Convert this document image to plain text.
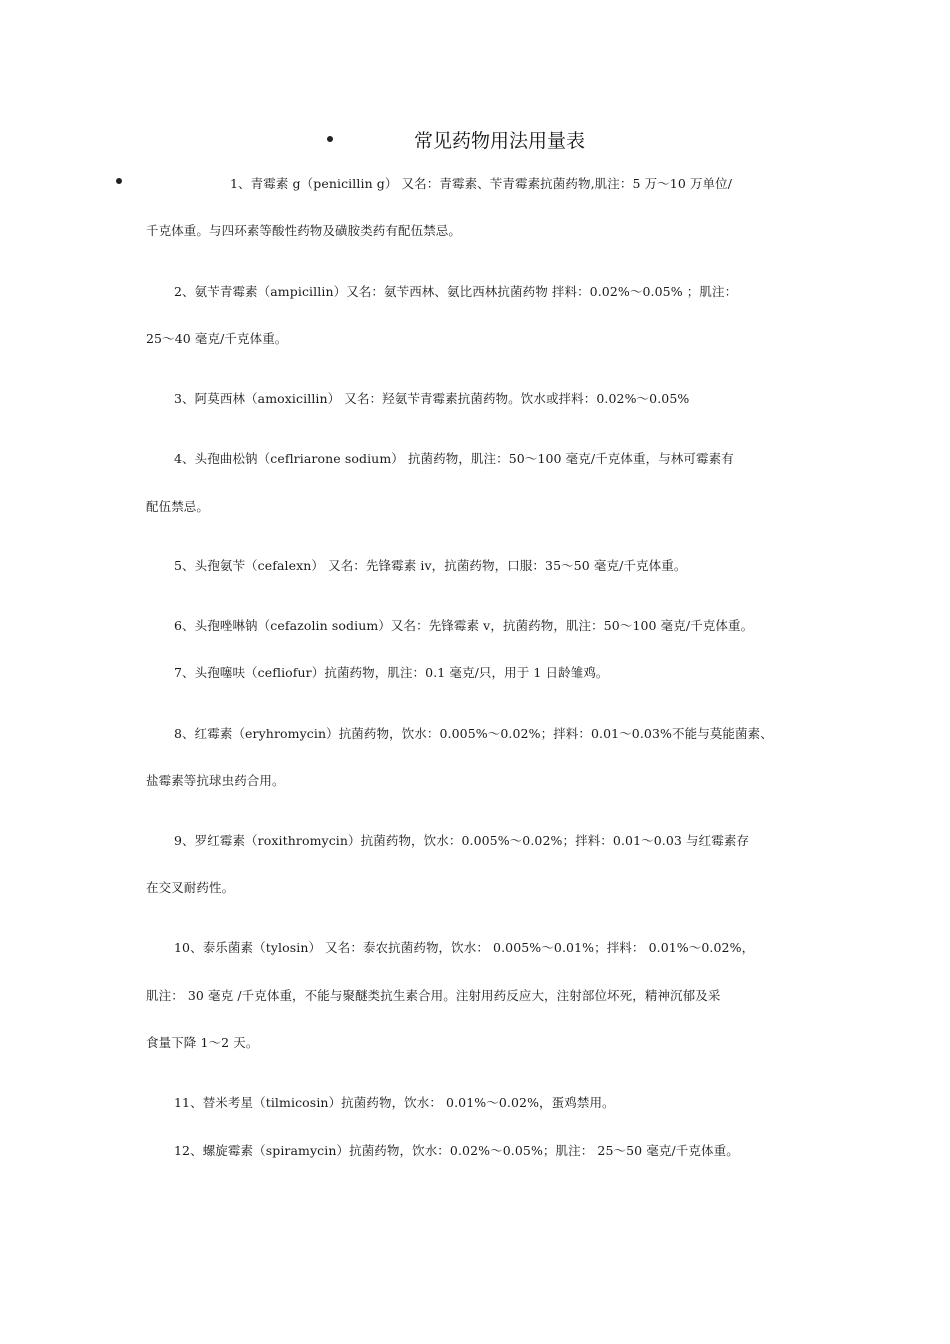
常见药物用法用量表
1、青霉素 g（penicillin g） 又名：青霉素、苄青霉素抗菌药物,肌注：5 万～10 万单位/
千克体重。与四环素等酸性药物及磺胺类药有配伍禁忌。
2、氨苄青霉素（ampicillin）又名：氨苄西林、氨比西林抗菌药物 拌料：0.02%～0.05% ；肌注：
25～40 毫克/千克体重。
3、阿莫西林（amoxicillin） 又名：羟氨苄青霉素抗菌药物。饮水或拌料：0.02%～0.05%
4、头孢曲松钠（ceflriarone sodium） 抗菌药物，肌注：50～100 毫克/千克体重，与林可霉素有
配伍禁忌。
5、头孢氨苄（cefalexn） 又名：先锋霉素 iv，抗菌药物，口服：35～50 毫克/千克体重。
6、头孢唑啉钠（cefazolin sodium）又名：先锋霉素 v，抗菌药物，肌注：50～100 毫克/千克体重。
7、头孢噻呋（cefliofur）抗菌药物，肌注：0.1 毫克/只，用于 1 日龄雏鸡。
8、红霉素（eryhromycin）抗菌药物，饮水：0.005%～0.02%；拌料：0.01～0.03%不能与莫能菌素、
盐霉素等抗球虫药合用。
9、罗红霉素（roxithromycin）抗菌药物，饮水：0.005%～0.02%；拌料：0.01～0.03 与红霉素存
在交叉耐药性。
10、泰乐菌素（tylosin） 又名：泰农抗菌药物，饮水： 0.005%～0.01%；拌料： 0.01%～0.02%，
肌注： 30 毫克 /千克体重，不能与聚醚类抗生素合用。注射用药反应大，注射部位坏死，精神沉郁及采
食量下降 1～2 天。
11、替米考星（tilmicosin）抗菌药物，饮水： 0.01%～0.02%，蛋鸡禁用。
12、螺旋霉素（spiramycin）抗菌药物，饮水：0.02%～0.05%；肌注： 25～50 毫克/千克体重。
